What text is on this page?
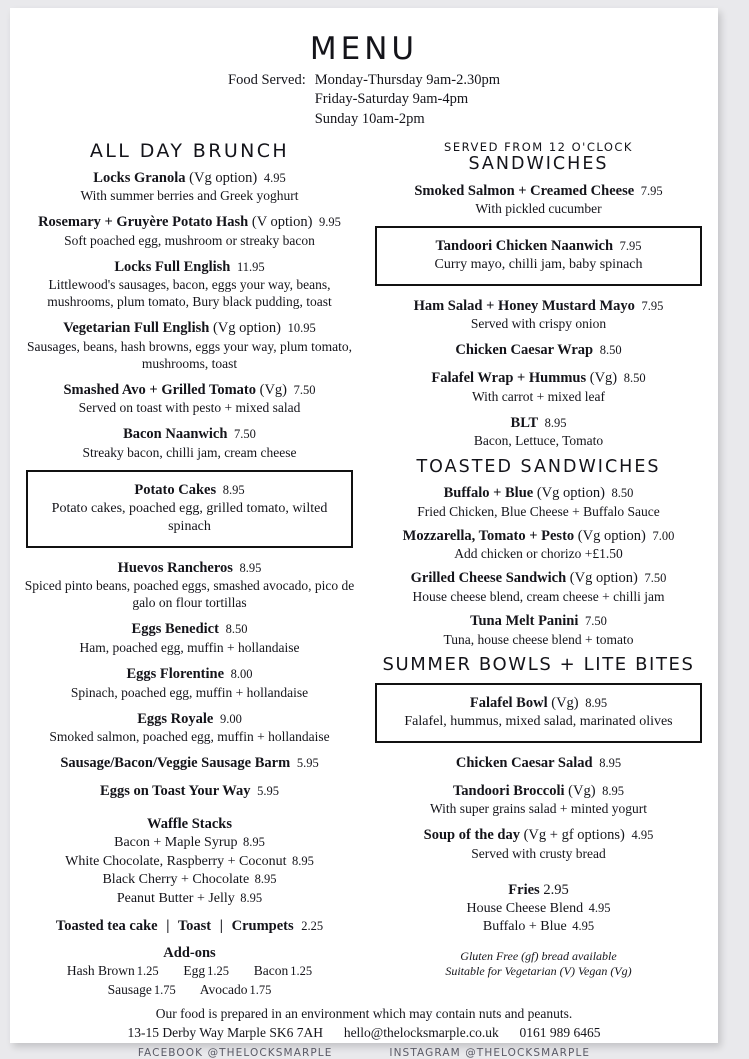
MENU
Food Served: Monday-Thursday 9am-2.30pm
Friday-Saturday 9am-4pm
Sunday 10am-2pm
ALL DAY BRUNCH
Locks Granola (Vg option) 4.95
With summer berries and Greek yoghurt
Rosemary + Gruyère Potato Hash (V option) 9.95
Soft poached egg, mushroom or streaky bacon
Locks Full English 11.95
Littlewood's sausages, bacon, eggs your way, beans, mushrooms, plum tomato, Bury black pudding, toast
Vegetarian Full English (Vg option) 10.95
Sausages, beans, hash browns, eggs your way, plum tomato, mushrooms, toast
Smashed Avo + Grilled Tomato (Vg) 7.50
Served on toast with pesto + mixed salad
Bacon Naanwich 7.50
Streaky bacon, chilli jam, cream cheese
Potato Cakes 8.95
Potato cakes, poached egg, grilled tomato, wilted spinach
Huevos Rancheros 8.95
Spiced pinto beans, poached eggs, smashed avocado, pico de galo on flour tortillas
Eggs Benedict 8.50
Ham, poached egg, muffin + hollandaise
Eggs Florentine 8.00
Spinach, poached egg, muffin + hollandaise
Eggs Royale 9.00
Smoked salmon, poached egg, muffin + hollandaise
Sausage/Bacon/Veggie Sausage Barm 5.95
Eggs on Toast Your Way 5.95
Waffle Stacks
Bacon + Maple Syrup 8.95
White Chocolate, Raspberry + Coconut 8.95
Black Cherry + Chocolate 8.95
Peanut Butter + Jelly 8.95
Toasted tea cake | Toast | Crumpets 2.25
Add-ons
Hash Brown 1.25 Egg 1.25 Bacon 1.25
Sausage 1.75 Avocado 1.75
SERVED FROM 12 O'CLOCK
SANDWICHES
Smoked Salmon + Creamed Cheese 7.95
With pickled cucumber
Tandoori Chicken Naanwich 7.95
Curry mayo, chilli jam, baby spinach
Ham Salad + Honey Mustard Mayo 7.95
Served with crispy onion
Chicken Caesar Wrap 8.50
Falafel Wrap + Hummus (Vg) 8.50
With carrot + mixed leaf
BLT 8.95
Bacon, Lettuce, Tomato
TOASTED SANDWICHES
Buffalo + Blue (Vg option) 8.50
Fried Chicken, Blue Cheese + Buffalo Sauce
Mozzarella, Tomato + Pesto (Vg option) 7.00
Add chicken or chorizo +£1.50
Grilled Cheese Sandwich (Vg option) 7.50
House cheese blend, cream cheese + chilli jam
Tuna Melt Panini 7.50
Tuna, house cheese blend + tomato
SUMMER BOWLS + LITE BITES
Falafel Bowl (Vg) 8.95
Falafel, hummus, mixed salad, marinated olives
Chicken Caesar Salad 8.95
Tandoori Broccoli (Vg) 8.95
With super grains salad + minted yogurt
Soup of the day (Vg + gf options) 4.95
Served with crusty bread
Fries 2.95
House Cheese Blend 4.95
Buffalo + Blue 4.95
Gluten Free (gf) bread available
Suitable for Vegetarian (V) Vegan (Vg)
Our food is prepared in an environment which may contain nuts and peanuts.
13-15 Derby Way Marple SK6 7AH hello@thelocksmarple.co.uk 0161 989 6465
FACEBOOK @THELOCKSMARPLE	INSTAGRAM @THELOCKSMARPLE
